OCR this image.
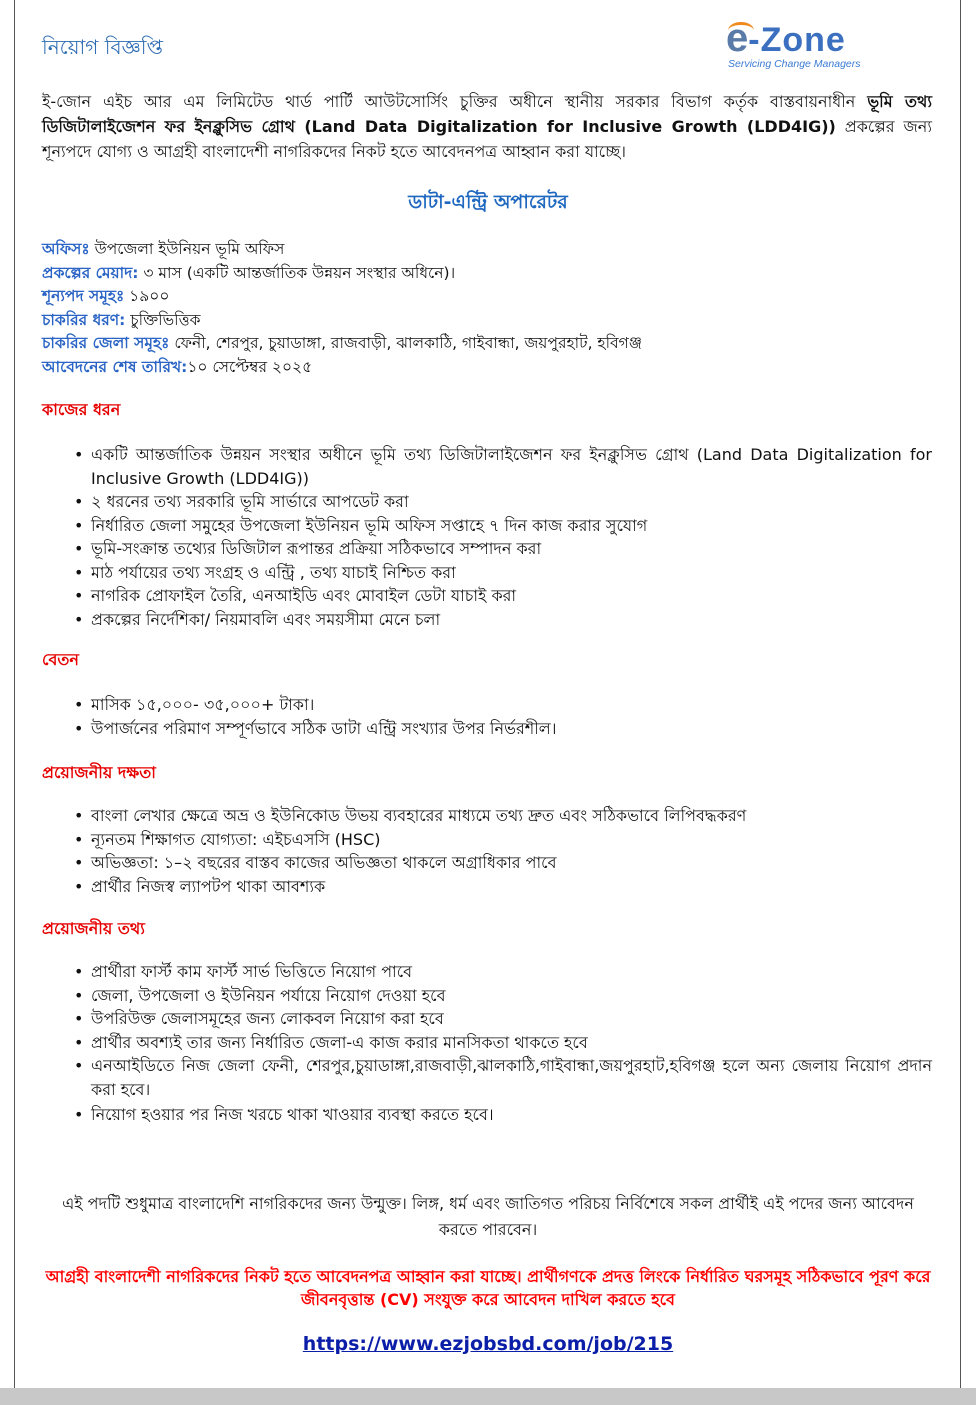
নিয়োগ বিজ্ঞপ্তি	e-Zone
Servicing Change Managers
ই-জোন এইচ আর এম লিমিটেড থার্ড পার্টি আউটসোর্সিং চুক্তির অধীনে স্থানীয় সরকার বিভাগ কর্তৃক বাস্তবায়নাধীন ভূমি তথ্য ডিজিটালাইজেশন ফর ইনক্লুসিভ গ্রোথ (Land Data Digitalization for Inclusive Growth (LDD4IG)) প্রকল্পের জন্য শূন্যপদে যোগ্য ও আগ্রহী বাংলাদেশী নাগরিকদের নিকট হতে আবেদনপত্র আহ্বান করা যাচ্ছে।
ডাটা-এন্ট্রি অপারেটর
অফিসঃ উপজেলা ইউনিয়ন ভূমি অফিস
প্রকল্পের মেয়াদ: ৩ মাস (একটি আন্তর্জাতিক উন্নয়ন সংস্থার অধিনে)।
শূন্যপদ সমূহঃ ১৯০০
চাকরির ধরণ: চুক্তিভিত্তিক
চাকরির জেলা সমূহঃ ফেনী, শেরপুর, চুয়াডাঙ্গা, রাজবাড়ী, ঝালকাঠি, গাইবান্ধা, জয়পুরহাট, হবিগঞ্জ
আবেদনের শেষ তারিখ:১০ সেপ্টেম্বর ২০২৫
কাজের ধরন
• একটি আন্তর্জাতিক উন্নয়ন সংস্থার অধীনে ভূমি তথ্য ডিজিটালাইজেশন ফর ইনক্লুসিভ গ্রোথ (Land Data Digitalization for Inclusive Growth (LDD4IG))
• ২ ধরনের তথ্য সরকারি ভূমি সার্ভারে আপডেট করা
• নির্ধারিত জেলা সমুহের উপজেলা ইউনিয়ন ভূমি অফিস সপ্তাহে ৭ দিন কাজ করার সুযোগ
• ভূমি-সংক্রান্ত তথ্যের ডিজিটাল রূপান্তর প্রক্রিয়া সঠিকভাবে সম্পাদন করা
• মাঠ পর্যায়ের তথ্য সংগ্রহ ও এন্ট্রি , তথ্য যাচাই নিশ্চিত করা
• নাগরিক প্রোফাইল তৈরি, এনআইডি এবং মোবাইল ডেটা যাচাই করা
• প্রকল্পের নির্দেশিকা/ নিয়মাবলি এবং সময়সীমা মেনে চলা
বেতন
• মাসিক ১৫,০০০- ৩৫,০০০+ টাকা।
• উপার্জনের পরিমাণ সম্পূর্ণভাবে সঠিক ডাটা এন্ট্রি সংখ্যার উপর নির্ভরশীল।
প্রয়োজনীয় দক্ষতা
• বাংলা লেখার ক্ষেত্রে অভ্র ও ইউনিকোড উভয় ব্যবহারের মাধ্যমে তথ্য দ্রুত এবং সঠিকভাবে লিপিবদ্ধকরণ
• ন্যূনতম শিক্ষাগত যোগ্যতা: এইচএসসি (HSC)
• অভিজ্ঞতা: ১–২ বছরের বাস্তব কাজের অভিজ্ঞতা থাকলে অগ্রাধিকার পাবে
• প্রার্থীর নিজস্ব ল্যাপটপ থাকা আবশ্যক
প্রয়োজনীয় তথ্য
• প্রার্থীরা ফার্স্ট কাম ফার্স্ট সার্ভ ভিত্তিতে নিয়োগ পাবে
• জেলা, উপজেলা ও ইউনিয়ন পর্যায়ে নিয়োগ দেওয়া হবে
• উপরিউক্ত জেলাসমূহের জন্য লোকবল নিয়োগ করা হবে
• প্রার্থীর অবশ্যই তার জন্য নির্ধারিত জেলা-এ কাজ করার মানসিকতা থাকতে হবে
• এনআইডিতে নিজ জেলা ফেনী, শেরপুর,চুয়াডাঙ্গা,রাজবাড়ী,ঝালকাঠি,গাইবান্ধা,জয়পুরহাট,হবিগঞ্জ হলে অন্য জেলায় নিয়োগ প্রদান করা হবে।
• নিয়োগ হওয়ার পর নিজ খরচে থাকা খাওয়ার ব্যবস্থা করতে হবে।
এই পদটি শুধুমাত্র বাংলাদেশি নাগরিকদের জন্য উন্মুক্ত। লিঙ্গ, ধর্ম এবং জাতিগত পরিচয় নির্বিশেষে সকল প্রার্থীই এই পদের জন্য আবেদন করতে পারবেন।
আগ্রহী বাংলাদেশী নাগরিকদের নিকট হতে আবেদনপত্র আহ্বান করা যাচ্ছে। প্রার্থীগণকে প্রদত্ত লিংকে নির্ধারিত ঘরসমূহ সঠিকভাবে পূরণ করে জীবনবৃত্তান্ত (CV) সংযুক্ত করে আবেদন দাখিল করতে হবে
https://www.ezjobsbd.com/job/215
